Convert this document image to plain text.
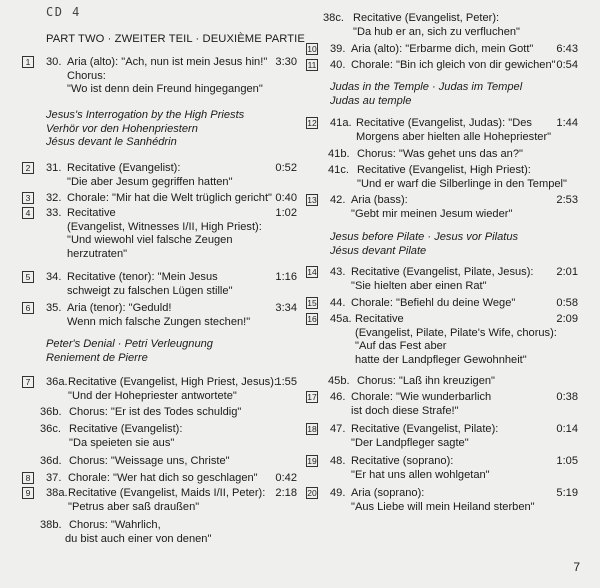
CD 4
PART TWO · ZWEITER TEIL · DEUXIÈME PARTIE
1	30. Aria (alto): "Ach, nun ist mein Jesus hin!"
Chorus:
"Wo ist denn dein Freund hingegangen"
3:30
Jesus's Interrogation by the High Priests
Verhör vor den Hohenpriestern
Jésus devant le Sanhédrin
2	31. Recitative (Evangelist):
"Die aber Jesum gegriffen hatten"
0:52
3	32. Chorale: "Mir hat die Welt trüglich gericht" 0:40
4	33. Recitative
(Evangelist, Witnesses I/II, High Priest):
"Und wiewohl viel falsche Zeugen
herzutraten"
1:02
5	34. Recitative (tenor): "Mein Jesus
schweigt zu falschen Lügen stille"
1:16
6	35. Aria (tenor): "Geduld!
Wenn mich falsche Zungen stechen!"
3:34
Peter's Denial · Petri Verleugnung
Reniement de Pierre
7	36a. Recitative (Evangelist, High Priest, Jesus):
"Und der Hohepriester antwortete"
1:55
36b. Chorus: "Er ist des Todes schuldig"
36c. Recitative (Evangelist):
"Da speieten sie aus"
36d. Chorus: "Weissage uns, Christe"
8	37. Chorale: "Wer hat dich so geschlagen" 0:42
9	38a. Recitative (Evangelist, Maids I/II, Peter):
"Petrus aber saß draußen"
2:18
38b. Chorus: "Wahrlich,
du bist auch einer von denen"
38c. Recitative (Evangelist, Peter):
"Da hub er an, sich zu verfluchen"
10 39. Aria (alto): "Erbarme dich, mein Gott" 6:43
11 40. Chorale: "Bin ich gleich von dir gewichen" 0:54
Judas in the Temple · Judas im Tempel
Judas au temple
12 41a. Recitative (Evangelist, Judas): "Des
Morgens aber hielten alle Hohepriester"
1:44
41b. Chorus: "Was gehet uns das an?"
41c. Recitative (Evangelist, High Priest):
"Und er warf die Silberlinge in den Tempel"
13 42. Aria (bass):
"Gebt mir meinen Jesum wieder"
2:53
Jesus before Pilate · Jesus vor Pilatus
Jésus devant Pilate
14 43. Recitative (Evangelist, Pilate, Jesus):
"Sie hielten aber einen Rat"
2:01
15 44. Chorale: "Befiehl du deine Wege"	0:58
16 45a. Recitative
(Evangelist, Pilate, Pilate's Wife, chorus):
"Auf das Fest aber
hatte der Landpfleger Gewohnheit"
2:09
45b. Chorus: "Laß ihn kreuzigen"
17 46. Chorale: "Wie wunderbarlich
ist doch diese Strafe!"
0:38
18 47. Recitative (Evangelist, Pilate):
"Der Landpfleger sagte"
0:14
19 48. Recitative (soprano):
"Er hat uns allen wohlgetan"
1:05
20 49. Aria (soprano):
"Aus Liebe will mein Heiland sterben"
5:19
7
